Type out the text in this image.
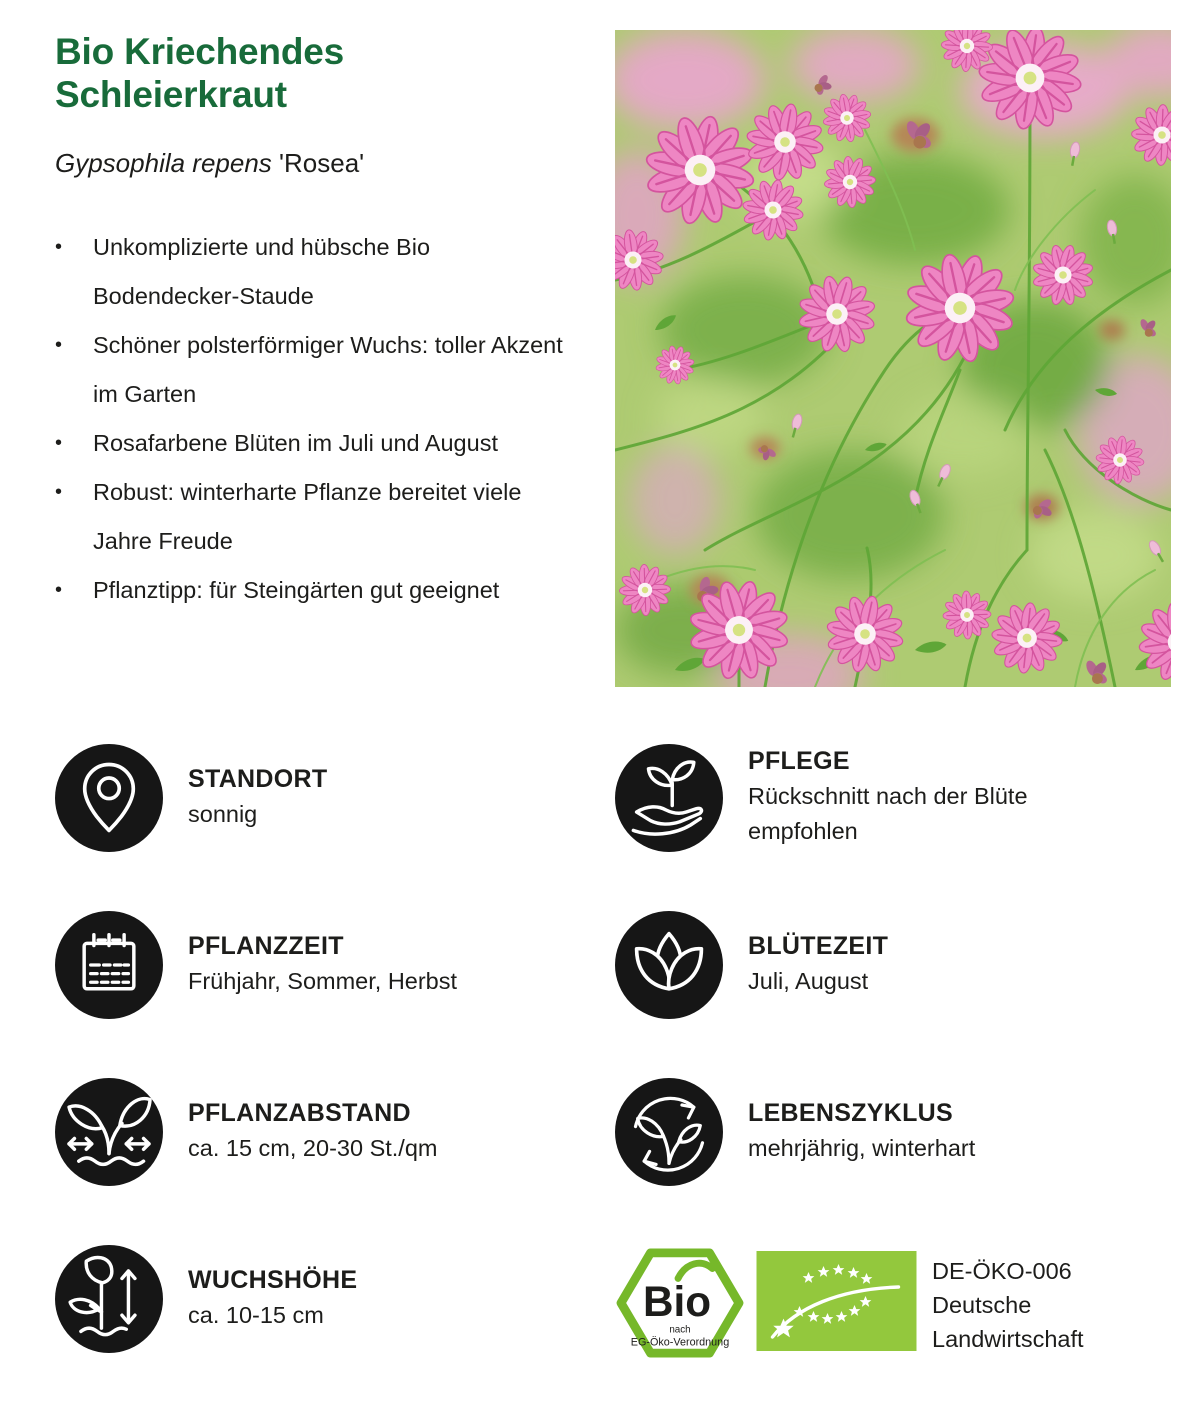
Bio Kriechendes Schleierkraut

Gypsophila repens 'Rosea'

• Unkomplizierte und hübsche Bio Bodendecker-Staude
• Schöner polsterförmiger Wuchs: toller Akzent im Garten
• Rosafarbene Blüten im Juli und August
• Robust: winterharte Pflanze bereitet viele Jahre Freude
• Pflanztipp: für Steingärten gut geeignet
STANDORT
sonnig
PFLEGE
Rückschnitt nach der Blüte empfohlen
PFLANZZEIT
Frühjahr, Sommer, Herbst
BLÜTEZEIT
Juli, August
PFLANZABSTAND
ca. 15 cm, 20-30 St./qm
LEBENSZYKLUS
mehrjährig, winterhart
WUCHSHÖHE
ca. 10-15 cm	Bio
nach
EG-Öko-Verordnung
DE-ÖKO-006
Deutsche
Landwirtschaft
